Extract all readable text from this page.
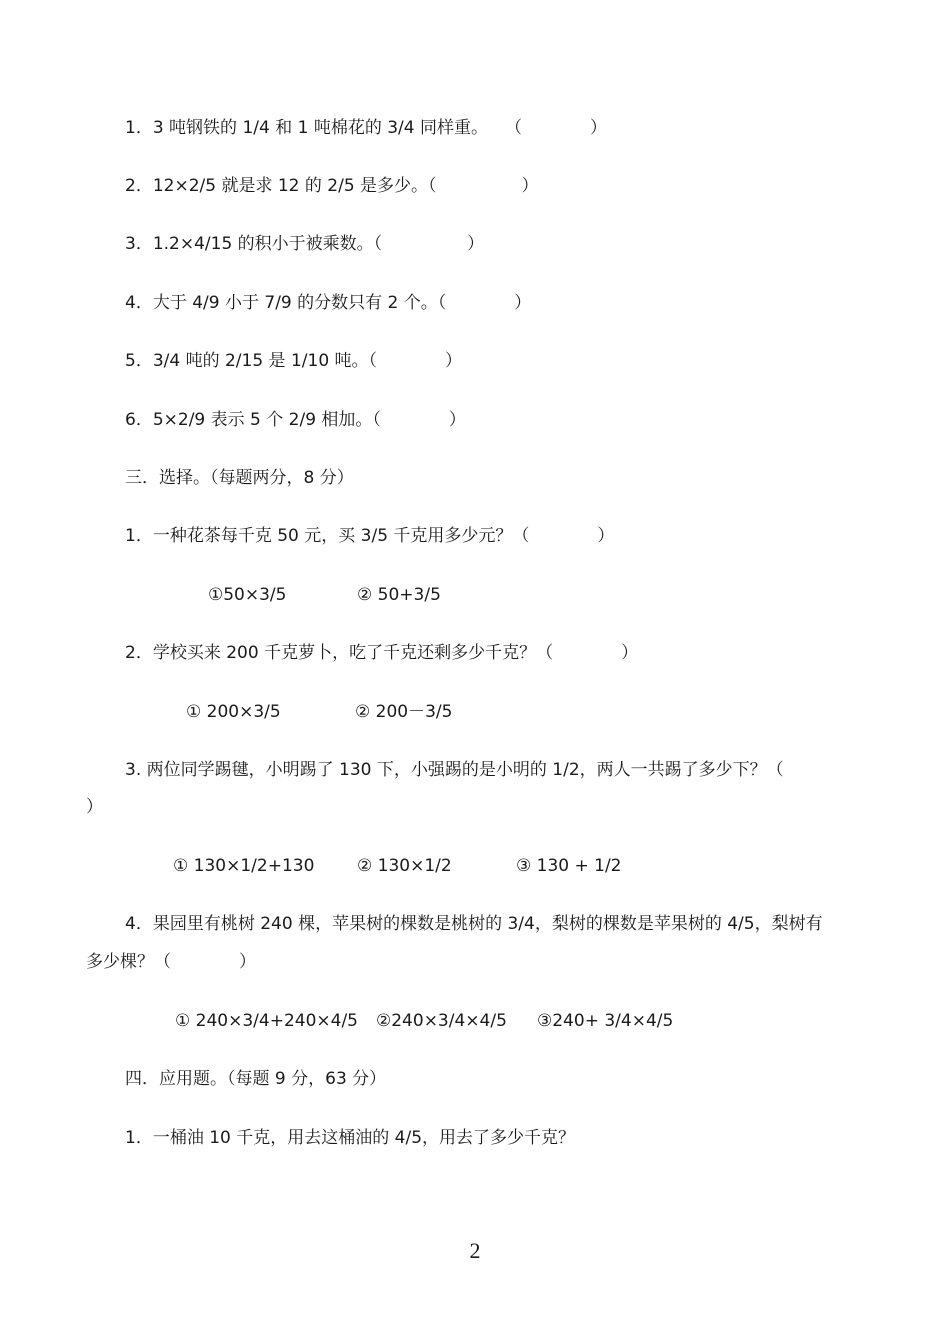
1．3 吨钢铁的 1/4 和 1 吨棉花的 3/4 同样重。　　（　　　　）
2．12×2/5 就是求 12 的 2/5 是多少。（　　　　　）
3．1.2×4/15 的积小于被乘数。（　　　　　）
4．大于 4/9 小于 7/9 的分数只有 2 个。（　　　　）
5．3/4 吨的 2/15 是 1/10 吨。（　　　　）
6．5×2/9 表示 5 个 2/9 相加。（　　　　）
三．选择。（每题两分，8 分）
1．一种花茶每千克 50 元，买 3/5 千克用多少元？（　　　　）
①50×3/5	② 50+3/5
2．学校买来 200 千克萝卜，吃了千克还剩多少千克？（　　　　）
① 200×3/5	② 200－3/5
3. 两位同学踢毽，小明踢了 130 下，小强踢的是小明的 1/2，两人一共踢了多少下？（
）
① 130×1/2+130	② 130×1/2	③ 130 + 1/2
4．果园里有桃树 240 棵，苹果树的棵数是桃树的 3/4，梨树的棵数是苹果树的 4/5，梨树有
多少棵？（　　　　）
① 240×3/4+240×4/5 ②240×3/4×4/5 ③240+ 3/4×4/5
四．应用题。（每题 9 分，63 分）
1．一桶油 10 千克，用去这桶油的 4/5，用去了多少千克？
2
